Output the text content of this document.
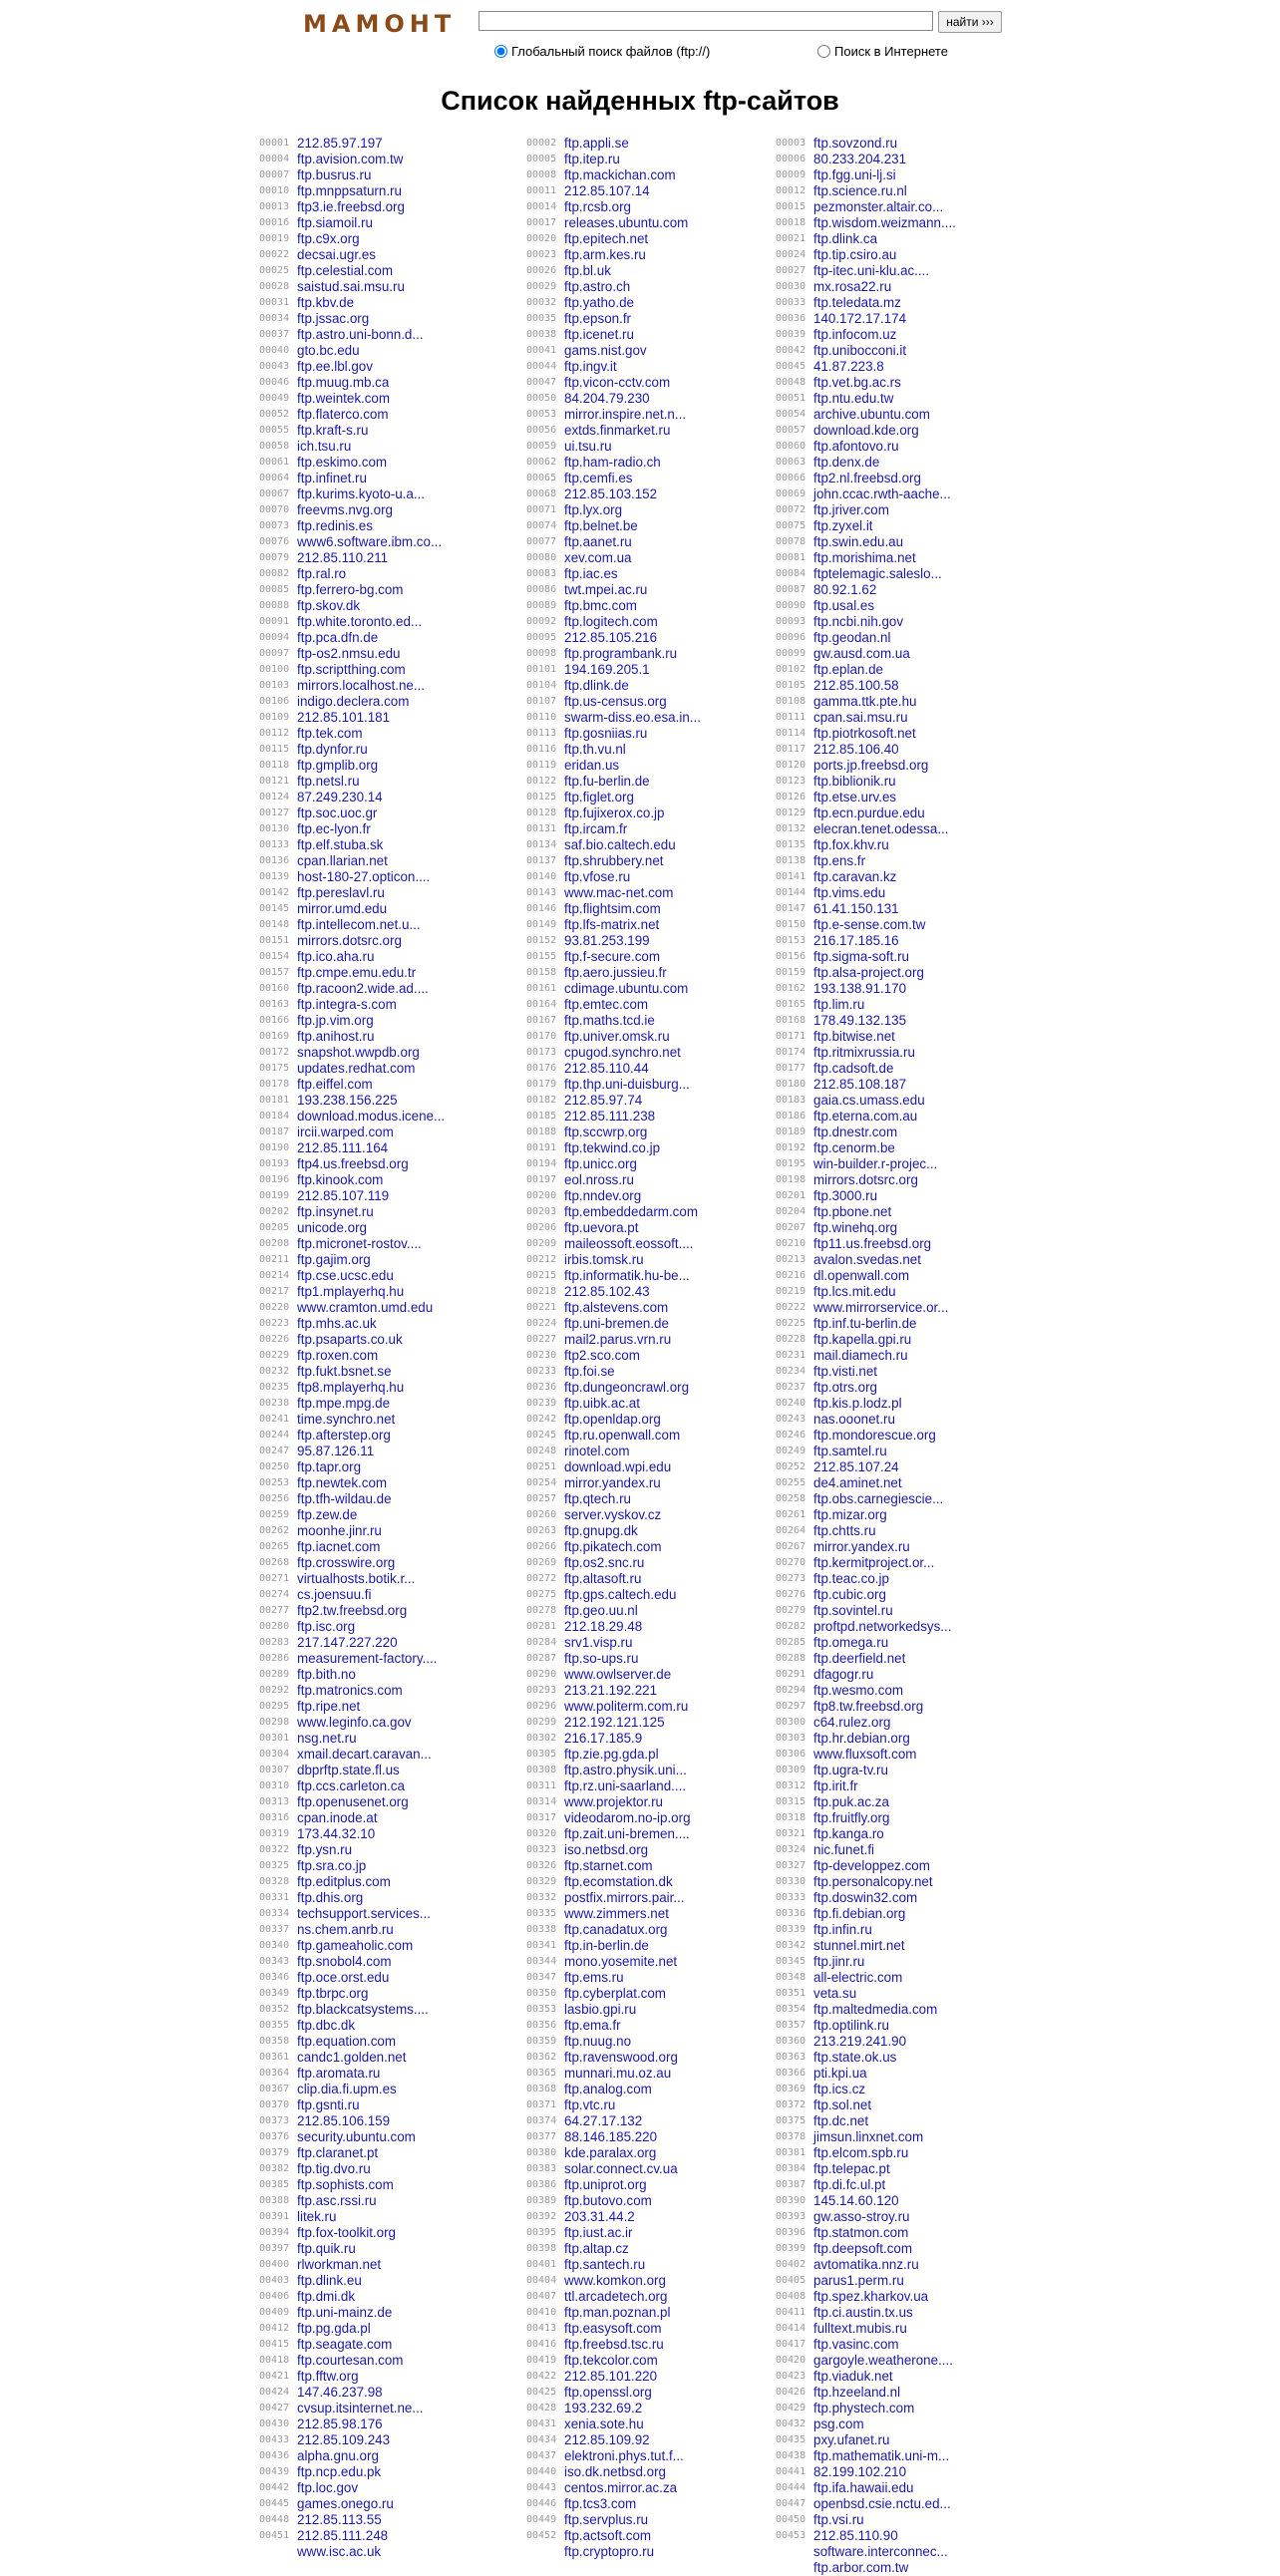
МАМОНТ	найти ›››
Глобальный поиск файлов (ftp://)	Поиск в Интернете
Список найденных ftp-сайтов
00001 212.85.97.197
00004 ftp.avision.com.tw
00007 ftp.busrus.ru
00010 ftp.mnppsaturn.ru
00013 ftp3.ie.freebsd.org
00016 ftp.siamoil.ru
00019 ftp.c9x.org
00022 decsai.ugr.es
00025 ftp.celestial.com
00028 saistud.sai.msu.ru
00031 ftp.kbv.de
00034 ftp.jssac.org
00037 ftp.astro.uni-bonn.d...
00040 gto.bc.edu
00043 ftp.ee.lbl.gov
00046 ftp.muug.mb.ca
00049 ftp.weintek.com
00052 ftp.flaterco.com
00055 ftp.kraft-s.ru
00058 ich.tsu.ru
00061 ftp.eskimo.com
00064 ftp.infinet.ru
00067 ftp.kurims.kyoto-u.a...
00070 freevms.nvg.org
00073 ftp.redinis.es
00076 www6.software.ibm.co...
00079 212.85.110.211
00082 ftp.ral.ro
00085 ftp.ferrero-bg.com
00088 ftp.skov.dk
00091 ftp.white.toronto.ed...
00094 ftp.pca.dfn.de
00097 ftp-os2.nmsu.edu
00100 ftp.scriptthing.com
00103 mirrors.localhost.ne...
00106 indigo.declera.com
00109 212.85.101.181
00112 ftp.tek.com
00115 ftp.dynfor.ru
00118 ftp.gmplib.org
00121 ftp.netsl.ru
00124 87.249.230.14
00127 ftp.soc.uoc.gr
00130 ftp.ec-lyon.fr
00133 ftp.elf.stuba.sk
00136 cpan.llarian.net
00139 host-180-27.opticon....
00142 ftp.pereslavl.ru
00145 mirror.umd.edu
00148 ftp.intellecom.net.u...
00151 mirrors.dotsrc.org
00154 ftp.ico.aha.ru
00157 ftp.cmpe.emu.edu.tr
00160 ftp.racoon2.wide.ad....
00163 ftp.integra-s.com
00166 ftp.jp.vim.org
00169 ftp.anihost.ru
00172 snapshot.wwpdb.org
00175 updates.redhat.com
00178 ftp.eiffel.com
00181 193.238.156.225
00184 download.modus.icene...
00187 ircii.warped.com
00190 212.85.111.164
00193 ftp4.us.freebsd.org
00196 ftp.kinook.com
00199 212.85.107.119
00202 ftp.insynet.ru
00205 unicode.org
00208 ftp.micronet-rostov....
00211 ftp.gajim.org
00214 ftp.cse.ucsc.edu
00217 ftp1.mplayerhq.hu
00220 www.cramton.umd.edu
00223 ftp.mhs.ac.uk
00226 ftp.psaparts.co.uk
00229 ftp.roxen.com
00232 ftp.fukt.bsnet.se
00235 ftp8.mplayerhq.hu
00238 ftp.mpe.mpg.de
00241 time.synchro.net
00244 ftp.afterstep.org
00247 95.87.126.11
00250 ftp.tapr.org
00253 ftp.newtek.com
00256 ftp.tfh-wildau.de
00259 ftp.zew.de
00262 moonhe.jinr.ru
00265 ftp.iacnet.com
00268 ftp.crosswire.org
00271 virtualhosts.botik.r...
00274 cs.joensuu.fi
00277 ftp2.tw.freebsd.org
00280 ftp.isc.org
00283 217.147.227.220
00286 measurement-factory....
00289 ftp.bith.no
00292 ftp.matronics.com
00295 ftp.ripe.net
00298 www.leginfo.ca.gov
00301 nsg.net.ru
00304 xmail.decart.caravan...
00307 dbprftp.state.fl.us
00310 ftp.ccs.carleton.ca
00313 ftp.openusenet.org
00316 cpan.inode.at
00319 173.44.32.10
00322 ftp.ysn.ru
00325 ftp.sra.co.jp
00328 ftp.editplus.com
00331 ftp.dhis.org
00334 techsupport.services...
00337 ns.chem.anrb.ru
00340 ftp.gameaholic.com
00343 ftp.snobol4.com
00346 ftp.oce.orst.edu
00349 ftp.tbrpc.org
00352 ftp.blackcatsystems....
00355 ftp.dbc.dk
00358 ftp.equation.com
00361 candc1.golden.net
00364 ftp.aromata.ru
00367 clip.dia.fi.upm.es
00370 ftp.gsnti.ru
00373 212.85.106.159
00376 security.ubuntu.com
00379 ftp.claranet.pt
00382 ftp.tig.dvo.ru
00385 ftp.sophists.com
00388 ftp.asc.rssi.ru
00391 litek.ru
00394 ftp.fox-toolkit.org
00397 ftp.quik.ru
00400 rlworkman.net
00403 ftp.dlink.eu
00406 ftp.dmi.dk
00409 ftp.uni-mainz.de
00412 ftp.pg.gda.pl
00415 ftp.seagate.com
00418 ftp.courtesan.com
00421 ftp.fftw.org
00424 147.46.237.98
00427 cvsup.itsinternet.ne...
00430 212.85.98.176
00433 212.85.109.243
00436 alpha.gnu.org
00439 ftp.ncp.edu.pk
00442 ftp.loc.gov
00445 games.onego.ru
00448 212.85.113.55
00451 212.85.111.248
www.isc.ac.uk
00002 ftp.appli.se
00005 ftp.itep.ru
00008 ftp.mackichan.com
00011 212.85.107.14
00014 ftp.rcsb.org
00017 releases.ubuntu.com
00020 ftp.epitech.net
00023 ftp.arm.kes.ru
00026 ftp.bl.uk
00029 ftp.astro.ch
00032 ftp.yatho.de
00035 ftp.epson.fr
00038 ftp.icenet.ru
00041 gams.nist.gov
00044 ftp.ingv.it
00047 ftp.vicon-cctv.com
00050 84.204.79.230
00053 mirror.inspire.net.n...
00056 extds.finmarket.ru
00059 ui.tsu.ru
00062 ftp.ham-radio.ch
00065 ftp.cemfi.es
00068 212.85.103.152
00071 ftp.lyx.org
00074 ftp.belnet.be
00077 ftp.aanet.ru
00080 xev.com.ua
00083 ftp.iac.es
00086 twt.mpei.ac.ru
00089 ftp.bmc.com
00092 ftp.logitech.com
00095 212.85.105.216
00098 ftp.programbank.ru
00101 194.169.205.1
00104 ftp.dlink.de
00107 ftp.us-census.org
00110 swarm-diss.eo.esa.in...
00113 ftp.gosniias.ru
00116 ftp.th.vu.nl
00119 eridan.us
00122 ftp.fu-berlin.de
00125 ftp.figlet.org
00128 ftp.fujixerox.co.jp
00131 ftp.ircam.fr
00134 saf.bio.caltech.edu
00137 ftp.shrubbery.net
00140 ftp.vfose.ru
00143 www.mac-net.com
00146 ftp.flightsim.com
00149 ftp.lfs-matrix.net
00152 93.81.253.199
00155 ftp.f-secure.com
00158 ftp.aero.jussieu.fr
00161 cdimage.ubuntu.com
00164 ftp.emtec.com
00167 ftp.maths.tcd.ie
00170 ftp.univer.omsk.ru
00173 cpugod.synchro.net
00176 212.85.110.44
00179 ftp.thp.uni-duisburg...
00182 212.85.97.74
00185 212.85.111.238
00188 ftp.sccwrp.org
00191 ftp.tekwind.co.jp
00194 ftp.unicc.org
00197 eol.nross.ru
00200 ftp.nndev.org
00203 ftp.embeddedarm.com
00206 ftp.uevora.pt
00209 maileossoft.eossoft....
00212 irbis.tomsk.ru
00215 ftp.informatik.hu-be...
00218 212.85.102.43
00221 ftp.alstevens.com
00224 ftp.uni-bremen.de
00227 mail2.parus.vrn.ru
00230 ftp2.sco.com
00233 ftp.foi.se
00236 ftp.dungeoncrawl.org
00239 ftp.uibk.ac.at
00242 ftp.openldap.org
00245 ftp.ru.openwall.com
00248 rinotel.com
00251 download.wpi.edu
00254 mirror.yandex.ru
00257 ftp.qtech.ru
00260 server.vyskov.cz
00263 ftp.gnupg.dk
00266 ftp.pikatech.com
00269 ftp.os2.snc.ru
00272 ftp.altasoft.ru
00275 ftp.gps.caltech.edu
00278 ftp.geo.uu.nl
00281 212.18.29.48
00284 srv1.visp.ru
00287 ftp.so-ups.ru
00290 www.owlserver.de
00293 213.21.192.221
00296 www.politerm.com.ru
00299 212.192.121.125
00302 216.17.185.9
00305 ftp.zie.pg.gda.pl
00308 ftp.astro.physik.uni...
00311 ftp.rz.uni-saarland....
00314 www.projektor.ru
00317 videodarom.no-ip.org
00320 ftp.zait.uni-bremen....
00323 iso.netbsd.org
00326 ftp.starnet.com
00329 ftp.ecomstation.dk
00332 postfix.mirrors.pair...
00335 www.zimmers.net
00338 ftp.canadatux.org
00341 ftp.in-berlin.de
00344 mono.yosemite.net
00347 ftp.ems.ru
00350 ftp.cyberplat.com
00353 lasbio.gpi.ru
00356 ftp.ema.fr
00359 ftp.nuug.no
00362 ftp.ravenswood.org
00365 munnari.mu.oz.au
00368 ftp.analog.com
00371 ftp.vtc.ru
00374 64.27.17.132
00377 88.146.185.220
00380 kde.paralax.org
00383 solar.connect.cv.ua
00386 ftp.uniprot.org
00389 ftp.butovo.com
00392 203.31.44.2
00395 ftp.iust.ac.ir
00398 ftp.altap.cz
00401 ftp.santech.ru
00404 www.komkon.org
00407 ttl.arcadetech.org
00410 ftp.man.poznan.pl
00413 ftp.easysoft.com
00416 ftp.freebsd.tsc.ru
00419 ftp.tekcolor.com
00422 212.85.101.220
00425 ftp.openssl.org
00428 193.232.69.2
00431 xenia.sote.hu
00434 212.85.109.92
00437 elektroni.phys.tut.f...
00440 iso.dk.netbsd.org
00443 centos.mirror.ac.za
00446 ftp.tcs3.com
00449 ftp.servplus.ru
00452 ftp.actsoft.com
ftp.cryptopro.ru
00003 ftp.sovzond.ru
00006 80.233.204.231
00009 ftp.fgg.uni-lj.si
00012 ftp.science.ru.nl
00015 pezmonster.altair.co...
00018 ftp.wisdom.weizmann....
00021 ftp.dlink.ca
00024 ftp.tip.csiro.au
00027 ftp-itec.uni-klu.ac....
00030 mx.rosa22.ru
00033 ftp.teledata.mz
00036 140.172.17.174
00039 ftp.infocom.uz
00042 ftp.unibocconi.it
00045 41.87.223.8
00048 ftp.vet.bg.ac.rs
00051 ftp.ntu.edu.tw
00054 archive.ubuntu.com
00057 download.kde.org
00060 ftp.afontovo.ru
00063 ftp.denx.de
00066 ftp2.nl.freebsd.org
00069 john.ccac.rwth-aache...
00072 ftp.jriver.com
00075 ftp.zyxel.it
00078 ftp.swin.edu.au
00081 ftp.morishima.net
00084 ftptelemagic.saleslo...
00087 80.92.1.62
00090 ftp.usal.es
00093 ftp.ncbi.nih.gov
00096 ftp.geodan.nl
00099 gw.ausd.com.ua
00102 ftp.eplan.de
00105 212.85.100.58
00108 gamma.ttk.pte.hu
00111 cpan.sai.msu.ru
00114 ftp.piotrkosoft.net
00117 212.85.106.40
00120 ports.jp.freebsd.org
00123 ftp.biblionik.ru
00126 ftp.etse.urv.es
00129 ftp.ecn.purdue.edu
00132 elecran.tenet.odessa...
00135 ftp.fox.khv.ru
00138 ftp.ens.fr
00141 ftp.caravan.kz
00144 ftp.vims.edu
00147 61.41.150.131
00150 ftp.e-sense.com.tw
00153 216.17.185.16
00156 ftp.sigma-soft.ru
00159 ftp.alsa-project.org
00162 193.138.91.170
00165 ftp.lim.ru
00168 178.49.132.135
00171 ftp.bitwise.net
00174 ftp.ritmixrussia.ru
00177 ftp.cadsoft.de
00180 212.85.108.187
00183 gaia.cs.umass.edu
00186 ftp.eterna.com.au
00189 ftp.dnestr.com
00192 ftp.cenorm.be
00195 win-builder.r-projec...
00198 mirrors.dotsrc.org
00201 ftp.3000.ru
00204 ftp.pbone.net
00207 ftp.winehq.org
00210 ftp11.us.freebsd.org
00213 avalon.svedas.net
00216 dl.openwall.com
00219 ftp.lcs.mit.edu
00222 www.mirrorservice.or...
00225 ftp.inf.tu-berlin.de
00228 ftp.kapella.gpi.ru
00231 mail.diamech.ru
00234 ftp.visti.net
00237 ftp.otrs.org
00240 ftp.kis.p.lodz.pl
00243 nas.ooonet.ru
00246 ftp.mondorescue.org
00249 ftp.samtel.ru
00252 212.85.107.24
00255 de4.aminet.net
00258 ftp.obs.carnegiescie...
00261 ftp.mizar.org
00264 ftp.chtts.ru
00267 mirror.yandex.ru
00270 ftp.kermitproject.or...
00273 ftp.teac.co.jp
00276 ftp.cubic.org
00279 ftp.sovintel.ru
00282 proftpd.networkedsys...
00285 ftp.omega.ru
00288 ftp.deerfield.net
00291 dfagogr.ru
00294 ftp.wesmo.com
00297 ftp8.tw.freebsd.org
00300 c64.rulez.org
00303 ftp.hr.debian.org
00306 www.fluxsoft.com
00309 ftp.ugra-tv.ru
00312 ftp.irit.fr
00315 ftp.puk.ac.za
00318 ftp.fruitfly.org
00321 ftp.kanga.ro
00324 nic.funet.fi
00327 ftp-developpez.com
00330 ftp.personalcopy.net
00333 ftp.doswin32.com
00336 ftp.fi.debian.org
00339 ftp.infin.ru
00342 stunnel.mirt.net
00345 ftp.jinr.ru
00348 all-electric.com
00351 veta.su
00354 ftp.maltedmedia.com
00357 ftp.optilink.ru
00360 213.219.241.90
00363 ftp.state.ok.us
00366 pti.kpi.ua
00369 ftp.ics.cz
00372 ftp.sol.net
00375 ftp.dc.net
00378 jimsun.linxnet.com
00381 ftp.elcom.spb.ru
00384 ftp.telepac.pt
00387 ftp.di.fc.ul.pt
00390 145.14.60.120
00393 gw.asso-stroy.ru
00396 ftp.statmon.com
00399 ftp.deepsoft.com
00402 avtomatika.nnz.ru
00405 parus1.perm.ru
00408 ftp.spez.kharkov.ua
00411 ftp.ci.austin.tx.us
00414 fulltext.mubis.ru
00417 ftp.vasinc.com
00420 gargoyle.weatherone....
00423 ftp.viaduk.net
00426 ftp.hzeeland.nl
00429 ftp.phystech.com
00432 psg.com
00435 pxy.ufanet.ru
00438 ftp.mathematik.uni-m...
00441 82.199.102.210
00444 ftp.ifa.hawaii.edu
00447 openbsd.csie.nctu.ed...
00450 ftp.vsi.ru
00453 212.85.110.90
software.interconnec...
ftp.arbor.com.tw
